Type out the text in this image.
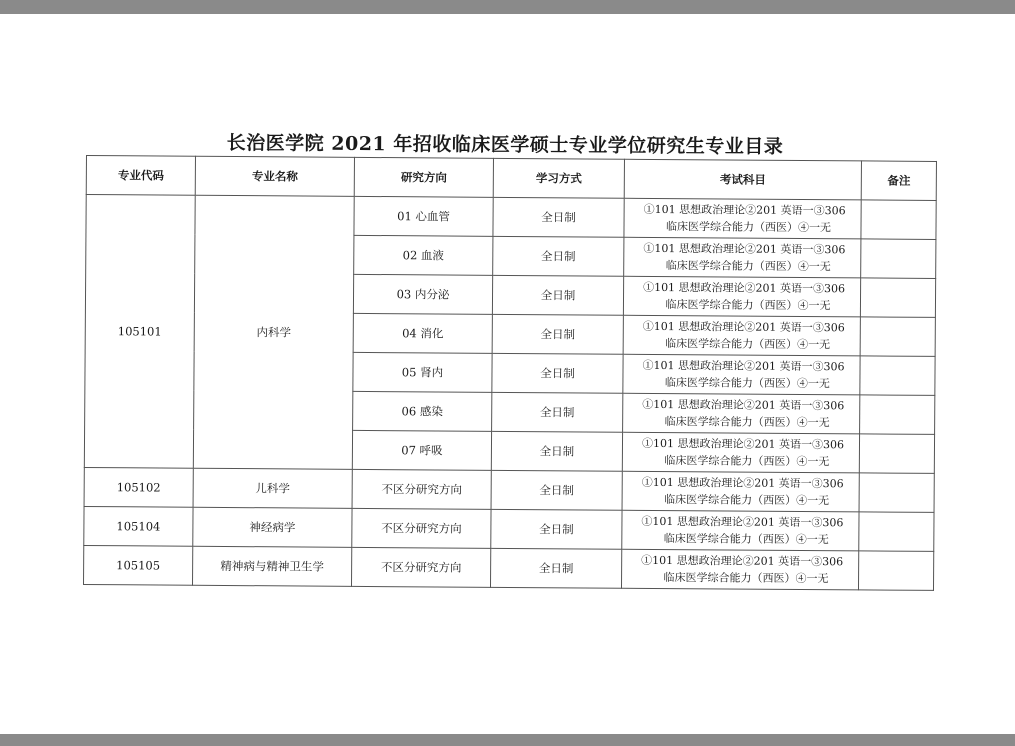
长治医学院 2021 年招收临床医学硕士专业学位研究生专业目录
专业代码	专业名称	研究方向	学习方式	考试科目	备注
105101	内科学	01 心血管	全日制	①101 思想政治理论②201 英语一③306
临床医学综合能力（西医）④一无	

		02 血液	全日制	①101 思想政治理论②201 英语一③306
临床医学综合能力（西医）④一无	

		03 内分泌	全日制	①101 思想政治理论②201 英语一③306
临床医学综合能力（西医）④一无	

		04 消化	全日制	①101 思想政治理论②201 英语一③306
临床医学综合能力（西医）④一无	

		05 肾内	全日制	①101 思想政治理论②201 英语一③306
临床医学综合能力（西医）④一无	

		06 感染	全日制	①101 思想政治理论②201 英语一③306
临床医学综合能力（西医）④一无	

		07 呼吸	全日制	①101 思想政治理论②201 英语一③306
临床医学综合能力（西医）④一无	

105102	儿科学	不区分研究方向	全日制	①101 思想政治理论②201 英语一③306
临床医学综合能力（西医）④一无	

105104	神经病学	不区分研究方向	全日制	①101 思想政治理论②201 英语一③306
临床医学综合能力（西医）④一无	

105105	精神病与精神卫生学	不区分研究方向	全日制	①101 思想政治理论②201 英语一③306
临床医学综合能力（西医）④一无	
